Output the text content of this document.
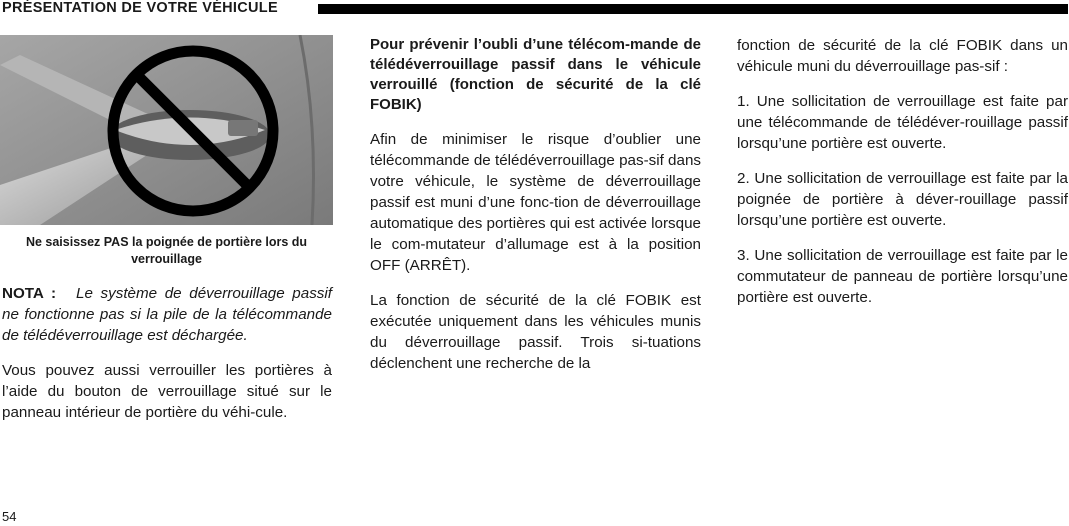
PRÉSENTATION DE VOTRE VÉHICULE
Ne saisissez PAS la poignée de portière lors du verrouillage

NOTA : Le système de déverrouillage passif ne fonctionne pas si la pile de la télécommande de télédéverrouillage est déchargée.

Vous pouvez aussi verrouiller les portières à l’aide du bouton de verrouillage situé sur le panneau intérieur de portière du véhi-cule.

Pour prévenir l’oubli d’une télécom-mande de télédéverrouillage passif dans le véhicule verrouillé (fonction de sécurité de la clé FOBIK)

Afin de minimiser le risque d’oublier une télécommande de télédéverrouillage pas-sif dans votre véhicule, le système de déverrouillage passif est muni d’une fonc-tion de déverrouillage automatique des portières qui est activée lorsque le com-mutateur d’allumage est à la position OFF (ARRÊT).

La fonction de sécurité de la clé FOBIK est exécutée uniquement dans les véhicules munis du déverrouillage passif. Trois si-tuations déclenchent une recherche de la

fonction de sécurité de la clé FOBIK dans un véhicule muni du déverrouillage pas-sif :

1. Une sollicitation de verrouillage est faite par une télécommande de télédéver-rouillage passif lorsqu’une portière est ouverte.

2. Une sollicitation de verrouillage est faite par la poignée de portière à déver-rouillage passif lorsqu’une portière est ouverte.

3. Une sollicitation de verrouillage est faite par le commutateur de panneau de portière lorsqu’une portière est ouverte.

54
